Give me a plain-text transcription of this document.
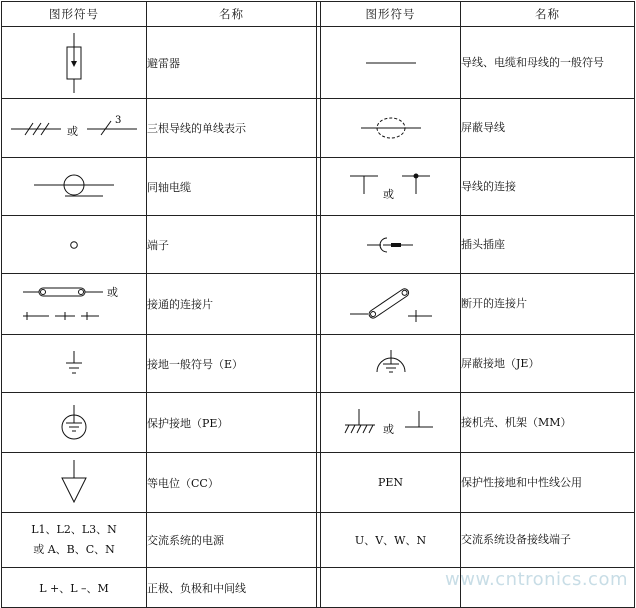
图形符号	名称		图形符号	名称

	避雷器			导线、电缆和母线的一般符号

或
3	三根导线的单线表示			屏蔽导线

	同轴电缆		或	导线的连接

	端子			插头插座

或	接通的连接片			断开的连接片

	接地一般符号（E）			屏蔽接地（JE）

	保护接地（PE）		或	接机壳、机架（MM）

	等电位（CC）		PEN	保护性接地和中性线公用

L1、L2、L3、N
或 A、B、C、N	交流系统的电源		U、V、W、N	交流系统设备接线端子
L +、L –、M	正极、负极和中间线				www.cntronics.com
